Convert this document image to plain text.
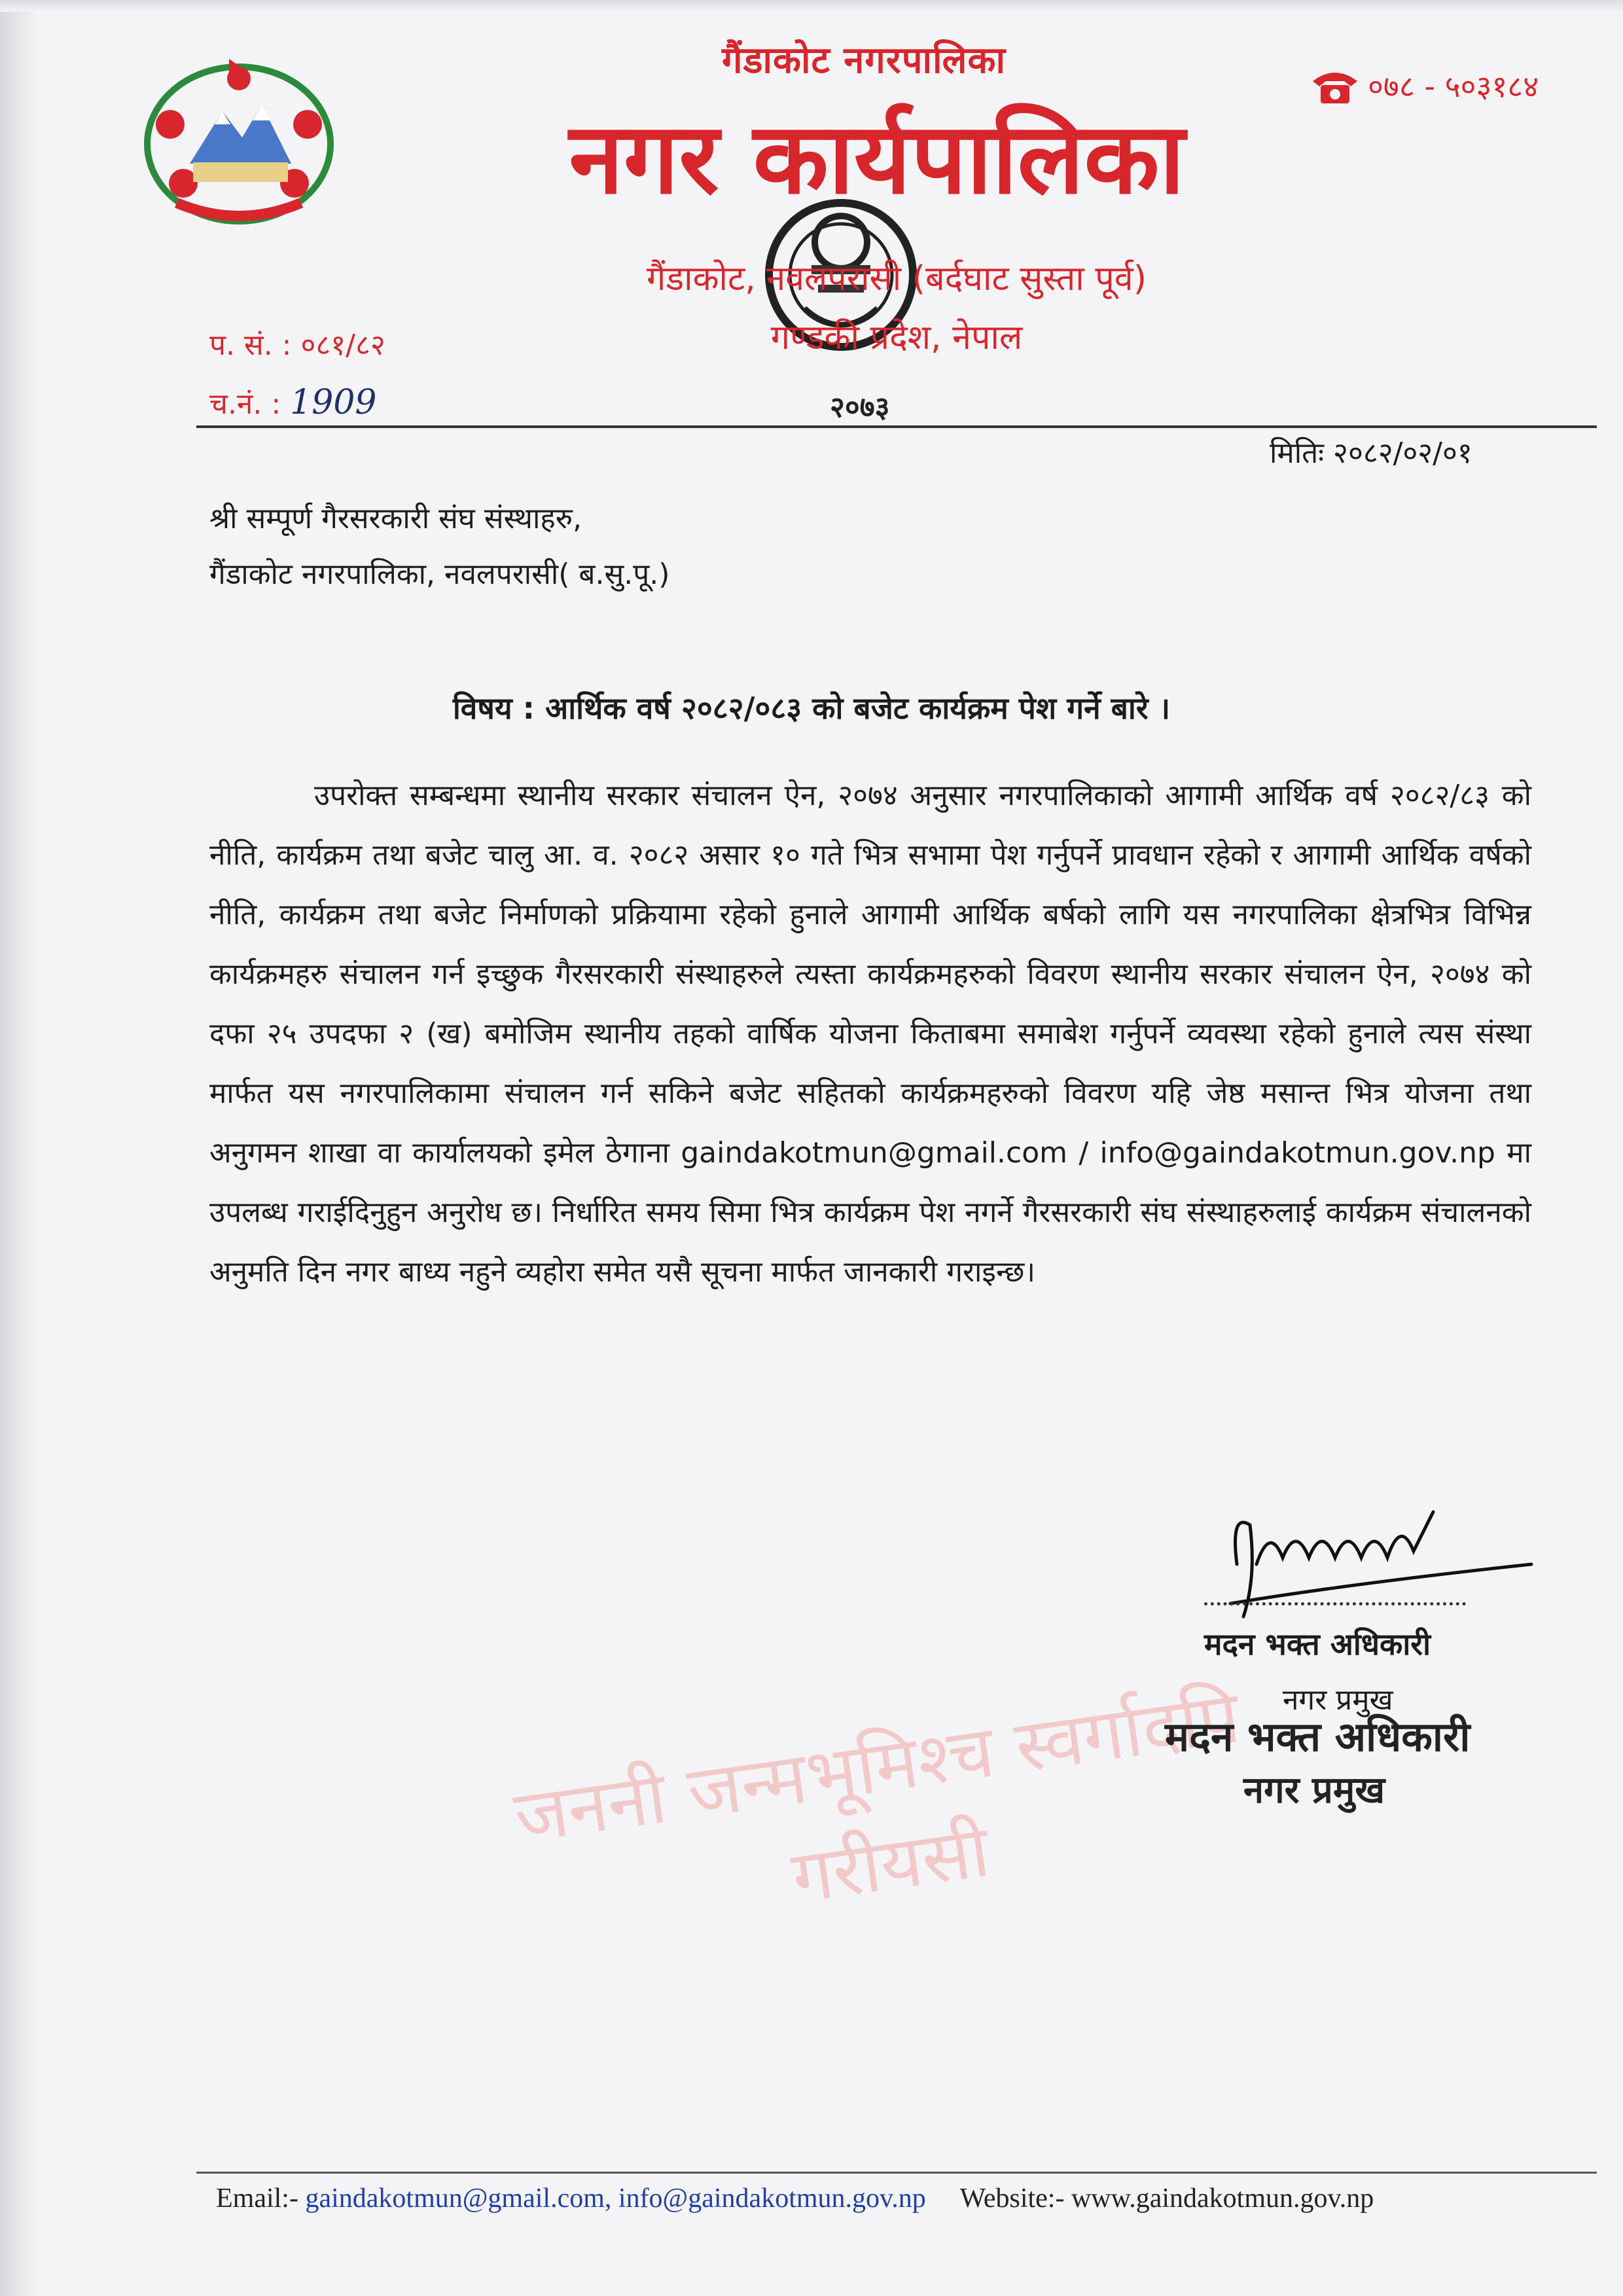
जननी जन्मभूमिश्च स्वर्गादपि गरीयसी
२०७३
गैंडाकोट नगरपालिका
नगर कार्यपालिका
गैंडाकोट, नवलपरासी (बर्दघाट सुस्ता पूर्व)
गण्डकी प्रदेश, नेपाल
०७८ - ५०३१८४
प. सं. : ०८१/८२
च.नं. : 1909
मितिः २०८२/०२/०१
श्री सम्पूर्ण गैरसरकारी संघ संस्थाहरु,
गैंडाकोट नगरपालिका, नवलपरासी( ब.सु.पू.)
विषय : आर्थिक वर्ष २०८२/०८३ को बजेट कार्यक्रम पेश गर्ने बारे ।
उपरोक्त सम्बन्धमा स्थानीय सरकार संचालन ऐन, २०७४ अनुसार नगरपालिकाको आगामी आर्थिक वर्ष २०८२/८३ को नीति, कार्यक्रम तथा बजेट चालु आ. व. २०८२ असार १० गते भित्र सभामा पेश गर्नुपर्ने प्रावधान रहेको र आगामी आर्थिक वर्षको नीति, कार्यक्रम तथा बजेट निर्माणको प्रक्रियामा रहेको हुनाले आगामी आर्थिक बर्षको लागि यस नगरपालिका क्षेत्रभित्र विभिन्न कार्यक्रमहरु संचालन गर्न इच्छुक गैरसरकारी संस्थाहरुले त्यस्ता कार्यक्रमहरुको विवरण स्थानीय सरकार संचालन ऐन, २०७४ को दफा २५ उपदफा २ (ख) बमोजिम स्थानीय तहको वार्षिक योजना किताबमा समाबेश गर्नुपर्ने व्यवस्था रहेको हुनाले त्यस संस्था मार्फत यस नगरपालिकामा संचालन गर्न सकिने बजेट सहितको कार्यक्रमहरुको विवरण यहि जेष्ठ मसान्त भित्र योजना तथा अनुगमन शाखा वा कार्यालयको इमेल ठेगाना gaindakotmun@gmail.com / info@gaindakotmun.gov.np मा उपलब्ध गराईदिनुहुन अनुरोध छ। निर्धारित समय सिमा भित्र कार्यक्रम पेश नगर्ने गैरसरकारी संघ संस्थाहरुलाई कार्यक्रम संचालनको अनुमति दिन नगर बाध्य नहुने व्यहोरा समेत यसै सूचना मार्फत जानकारी गराइन्छ।
मदन भक्त अधिकारी
नगर प्रमुख
मदन भक्त अधिकारी
नगर प्रमुख
Email:- gaindakotmun@gmail.com, info@gaindakotmun.gov.np Website:- www.gaindakotmun.gov.np
